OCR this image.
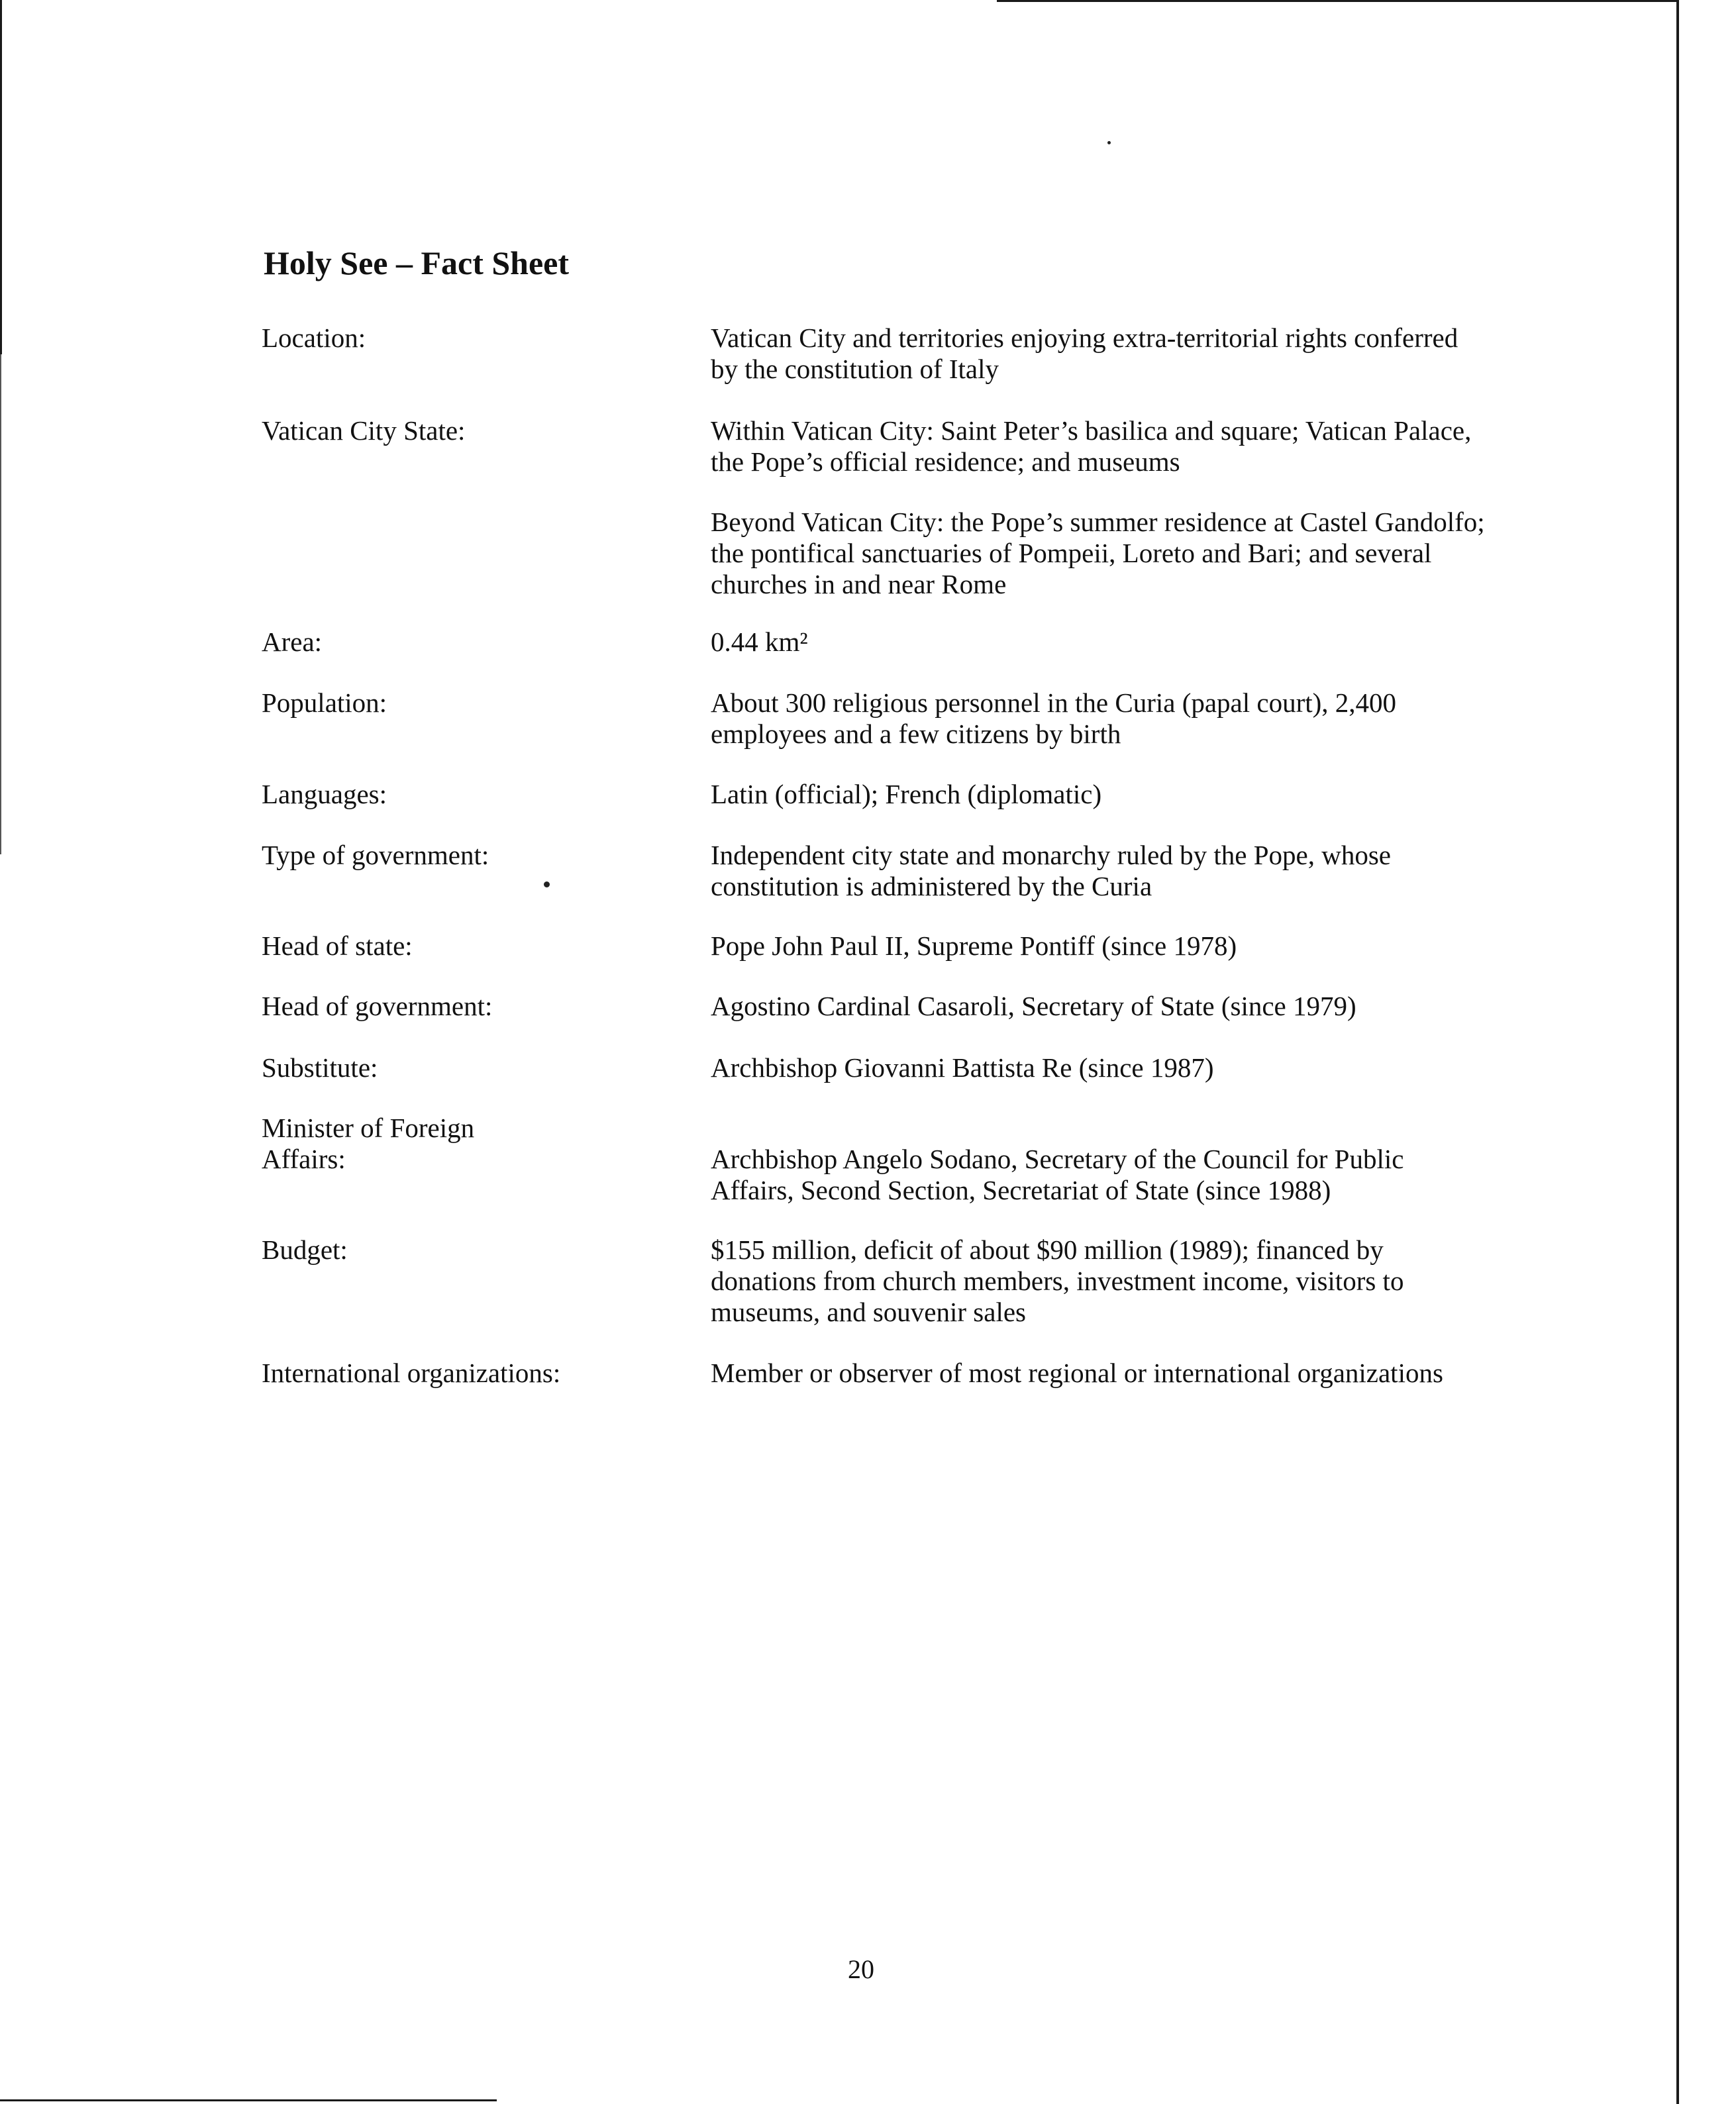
Holy See – Fact Sheet
Location:	Vatican City and territories enjoying extra-territorial rights conferred by the constitution of Italy

Vatican City State:	Within Vatican City: Saint Peter’s basilica and square; Vatican Palace, the Pope’s official residence; and museums

Beyond Vatican City: the Pope’s summer residence at Castel Gandolfo; the pontifical sanctuaries of Pompeii, Loreto and Bari; and several churches in and near Rome

Area:	0.44 km²

Population:	About 300 religious personnel in the Curia (papal court), 2,400 employees and a few citizens by birth

Languages:	Latin (official); French (diplomatic)

Type of government:	Independent city state and monarchy ruled by the Pope, whose constitution is administered by the Curia

Head of state:	Pope John Paul II, Supreme Pontiff (since 1978)

Head of government:	Agostino Cardinal Casaroli, Secretary of State (since 1979)

Substitute:	Archbishop Giovanni Battista Re (since 1987)

Minister of Foreign Affairs:	Archbishop Angelo Sodano, Secretary of the Council for Public Affairs, Second Section, Secretariat of State (since 1988)

Budget:	$155 million, deficit of about $90 million (1989); financed by donations from church members, investment income, visitors to museums, and souvenir sales

International organizations:	Member or observer of most regional or international organizations

20
